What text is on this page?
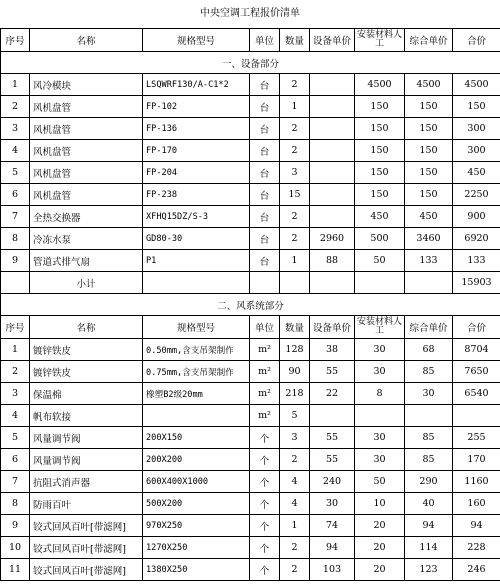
中央空调工程报价清单
序号	名称	规格型号	单位	数量	设备单价	安装材料人工	综合单价	合价
一、设备部分								
1	风冷模块	LSQWRF130/A-C1*2	台	2		4500	4500	4500
2	风机盘管	FP-102	台	1		150	150	150
3	风机盘管	FP-136	台	2		150	150	300
4	风机盘管	FP-170	台	2		150	150	300
5	风机盘管	FP-204	台	3		150	150	450
6	风机盘管	FP-238	台	15		150	150	2250
7	全热交换器	XFHQ15DZ/S-3	台	2		450	450	900
8	冷冻水泵	GD80-30	台	2	2960	500	3460	6920
9	管道式排气扇	P1	台	1	88	50	133	133
	小计							15903
二、风系统部分								
序号	名称	规格型号	单位	数量	设备单价	安装材料人工	综合单价	合价
1	镀锌铁皮	0.50mm,含支吊架制作	m²	128	38	30	68	8704
2	镀锌铁皮	0.75mm,含支吊架制作	m²	90	55	30	85	7650
3	保温棉	橡塑B2级20mm	m²	218	22	8	30	6540
4	帆布软接		m²	5				
5	风量调节阀	200X150	个	3	55	30	85	255
6	风量调节阀	200X200	个	2	55	30	85	170
7	抗阻式消声器	600X400X1000	个	4	240	50	290	1160
8	防雨百叶	500X200	个	4	30	10	40	160
9	铰式回风百叶[带滤网]	970X250	个	1	74	20	94	94
10	铰式回风百叶[带滤网]	1270X250	个	2	94	20	114	228
11	铰式回风百叶[带滤网]	1380X250	个	2	103	20	123	246
